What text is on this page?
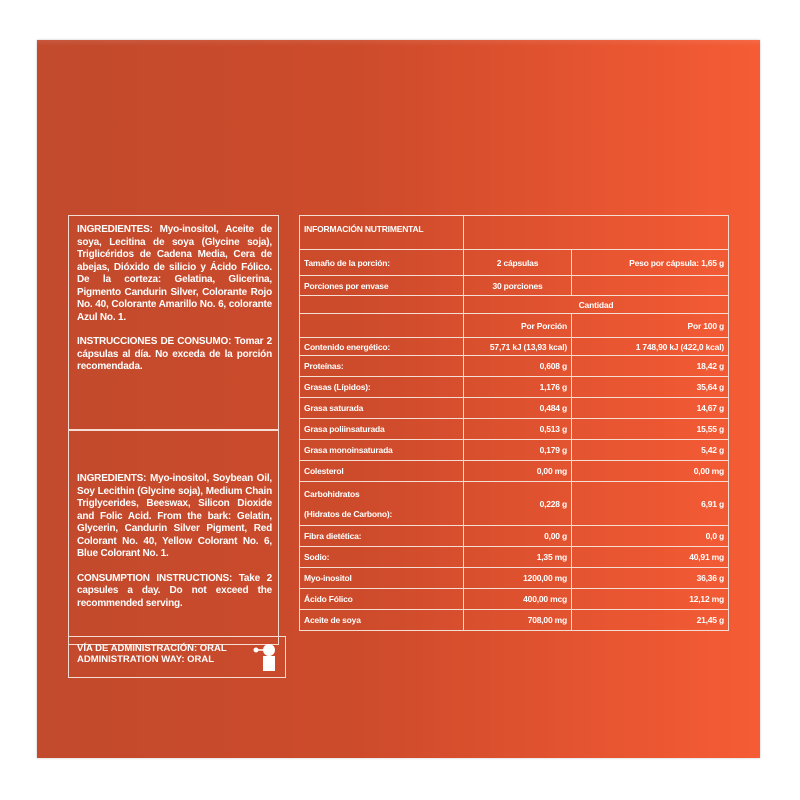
INGREDIENTES: Myo-inositol, Aceite de soya, Lecitina de soya (Glycine soja), Triglicéridos de Cadena Media, Cera de abejas, Dióxido de silicio y Ácido Fólico. De la corteza: Gelatina, Glicerina, Pigmento Candurin Silver, Colorante Rojo No. 40, Colorante Amarillo No. 6, colorante Azul No. 1.
INSTRUCCIONES DE CONSUMO: Tomar 2 cápsulas al día. No exceda de la porción recomendada.
INGREDIENTS: Myo-inositol, Soybean Oil, Soy Lecithin (Glycine soja), Medium Chain Triglycerides, Beeswax, Silicon Dioxide and Folic Acid. From the bark: Gelatin, Glycerin, Candurin Silver Pigment, Red Colorant No. 40, Yellow Colorant No. 6, Blue Colorant No. 1.
CONSUMPTION INSTRUCTIONS: Take 2 capsules a day. Do not exceed the recommended serving.
VÍA DE ADMINISTRACIÓN: ORAL
ADMINISTRATION WAY: ORAL
INFORMACIÓN NUTRIMENTAL		
Tamaño de la porción:	2 cápsulas	Peso por cápsula: 1,65 g
Porciones por envase	30 porciones	
	Cantidad	
	Por Porción	Por 100 g
Contenido energético:	57,71 kJ (13,93 kcal)	1 748,90 kJ (422,0 kcal)
Proteínas:	0,608 g	18,42 g
Grasas (Lípidos):	1,176 g	35,64 g
Grasa saturada	0,484 g	14,67 g
Grasa poliinsaturada	0,513 g	15,55 g
Grasa monoinsaturada	0,179 g	5,42 g
Colesterol	0,00 mg	0,00 mg

Carbohidratos
(Hidratos de Carbono):	0,228 g	6,91 g
Fibra dietética:	0,00 g	0,0 g
Sodio:	1,35 mg	40,91 mg
Myo-inositol	1200,00 mg	36,36 g
Ácido Fólico	400,00 mcg	12,12 mg
Aceite de soya	708,00 mg	21,45 g
